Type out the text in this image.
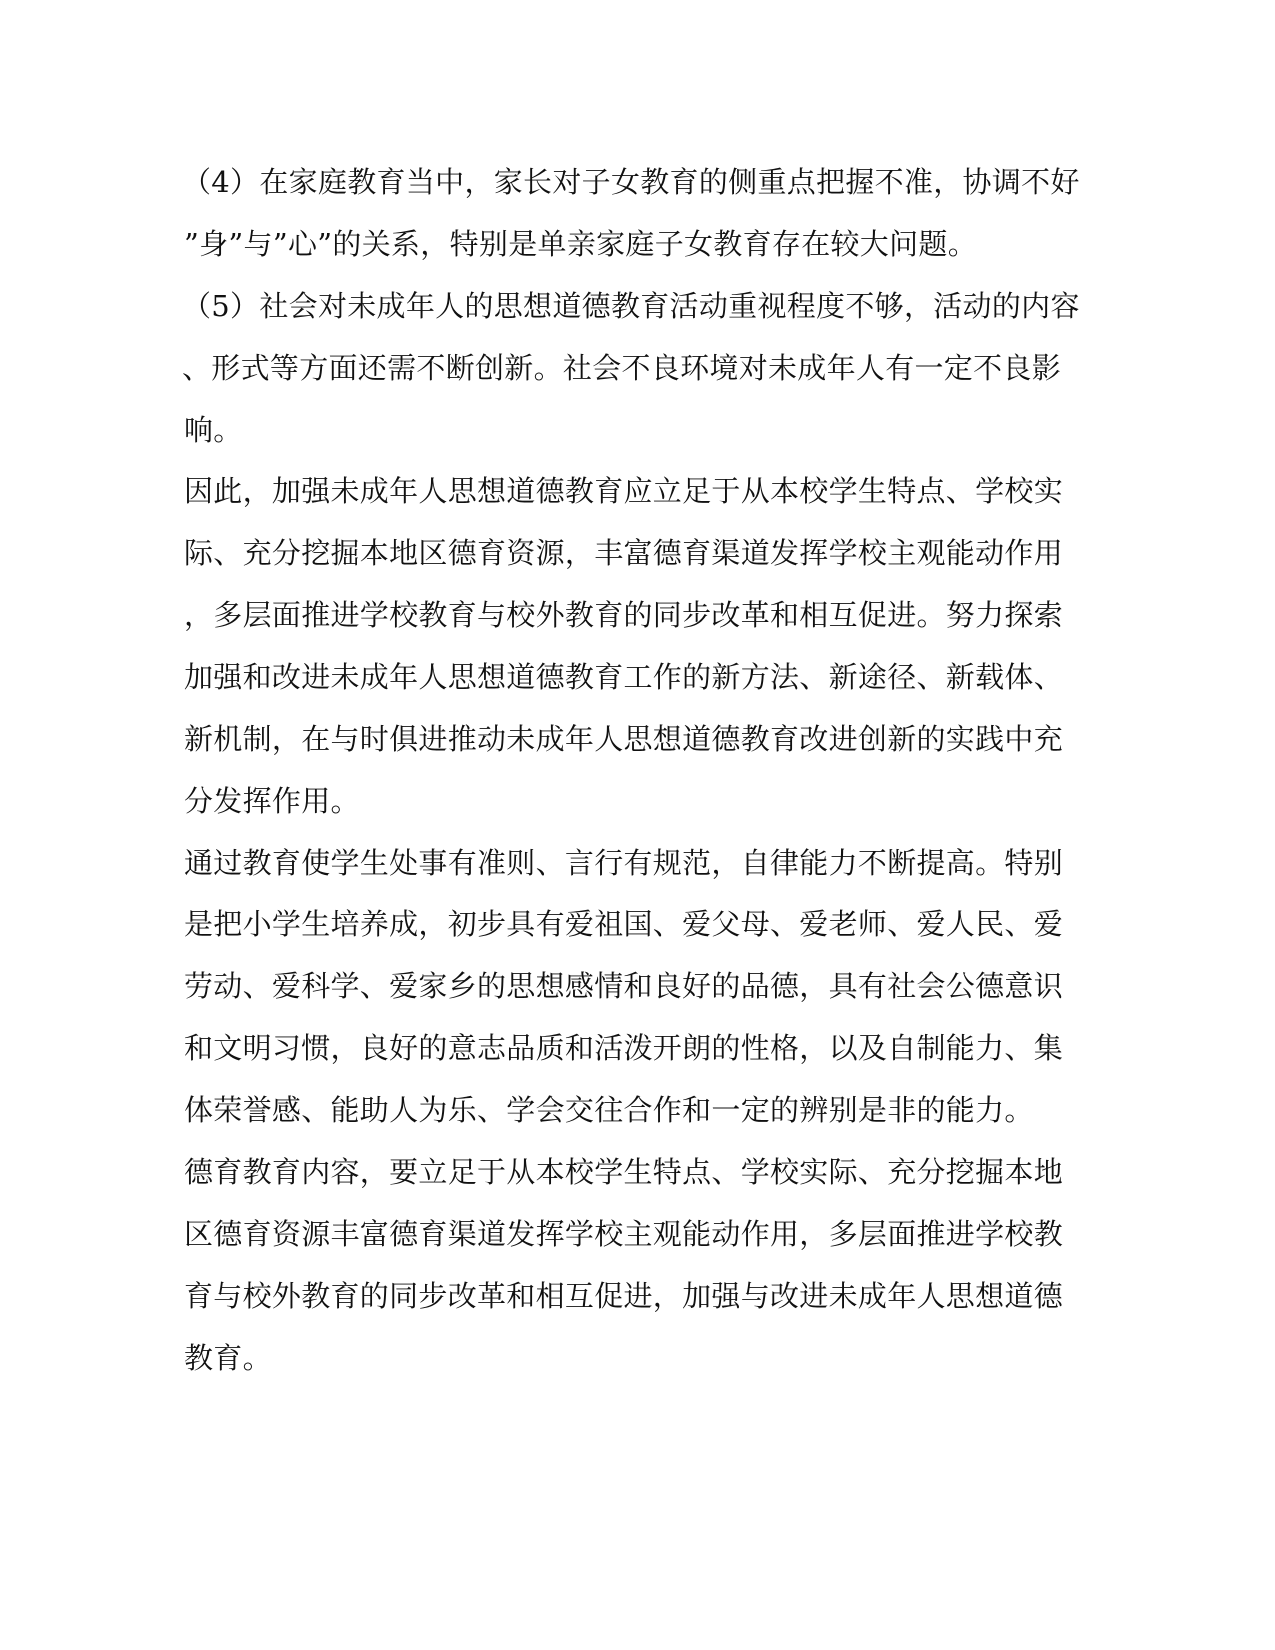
（4）在家庭教育当中，家长对子女教育的侧重点把握不准，协调不好
”身”与”心”的关系，特别是单亲家庭子女教育存在较大问题。
（5）社会对未成年人的思想道德教育活动重视程度不够，活动的内容
、形式等方面还需不断创新。社会不良环境对未成年人有一定不良影
响。
因此，加强未成年人思想道德教育应立足于从本校学生特点、学校实
际、充分挖掘本地区德育资源，丰富德育渠道发挥学校主观能动作用
，多层面推进学校教育与校外教育的同步改革和相互促进。努力探索
加强和改进未成年人思想道德教育工作的新方法、新途径、新载体、
新机制，在与时俱进推动未成年人思想道德教育改进创新的实践中充
分发挥作用。
通过教育使学生处事有准则、言行有规范，自律能力不断提高。特别
是把小学生培养成，初步具有爱祖国、爱父母、爱老师、爱人民、爱
劳动、爱科学、爱家乡的思想感情和良好的品德，具有社会公德意识
和文明习惯，良好的意志品质和活泼开朗的性格，以及自制能力、集
体荣誉感、能助人为乐、学会交往合作和一定的辨别是非的能力。
德育教育内容，要立足于从本校学生特点、学校实际、充分挖掘本地
区德育资源丰富德育渠道发挥学校主观能动作用，多层面推进学校教
育与校外教育的同步改革和相互促进，加强与改进未成年人思想道德
教育。
